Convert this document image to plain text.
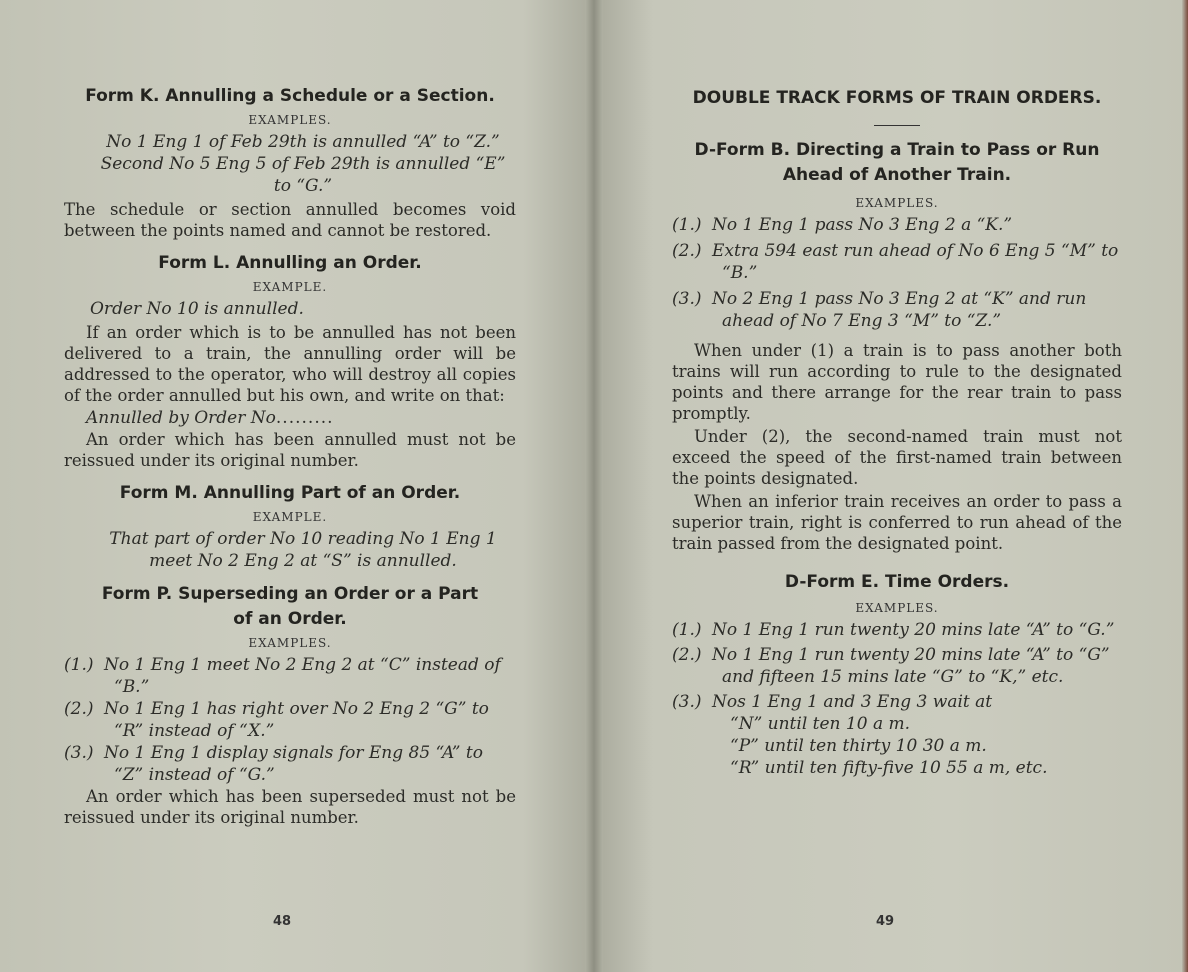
Form K. Annulling a Schedule or a Section.

EXAMPLES.

No 1 Eng 1 of Feb 29th is annulled “A” to “Z.”

Second No 5 Eng 5 of Feb 29th is annulled “E” to “G.”

The schedule or section annulled becomes void between the points named and cannot be restored.

Form L. Annulling an Order.

EXAMPLE.

Order No 10 is annulled.

If an order which is to be annulled has not been delivered to a train, the annulling order will be addressed to the operator, who will destroy all copies of the order annulled but his own, and write on that:

Annulled by Order No.........

An order which has been annulled must not be reissued under its original number.

Form M. Annulling Part of an Order.

EXAMPLE.

That part of order No 10 reading No 1 Eng 1 meet No 2 Eng 2 at “S” is annulled.

Form P. Superseding an Order or a Part of an Order.

EXAMPLES.

(1.) No 1 Eng 1 meet No 2 Eng 2 at “C” instead of “B.”

(2.) No 1 Eng 1 has right over No 2 Eng 2 “G” to “R” instead of “X.”

(3.) No 1 Eng 1 display signals for Eng 85 “A” to “Z” instead of “G.”

An order which has been superseded must not be reissued under its original number.

48

DOUBLE TRACK FORMS OF TRAIN ORDERS.

D-Form B. Directing a Train to Pass or Run Ahead of Another Train.

EXAMPLES.

(1.) No 1 Eng 1 pass No 3 Eng 2 a “K.”

(2.) Extra 594 east run ahead of No 6 Eng 5 “M” to “B.”

(3.) No 2 Eng 1 pass No 3 Eng 2 at “K” and run ahead of No 7 Eng 3 “M” to “Z.”

When under (1) a train is to pass another both trains will run according to rule to the designated points and there arrange for the rear train to pass promptly.

Under (2), the second-named train must not exceed the speed of the first-named train between the points designated.

When an inferior train receives an order to pass a superior train, right is conferred to run ahead of the train passed from the designated point.

D-Form E. Time Orders.

EXAMPLES.

(1.) No 1 Eng 1 run twenty 20 mins late “A” to “G.”

(2.) No 1 Eng 1 run twenty 20 mins late “A” to “G” and fifteen 15 mins late “G” to “K,” etc.

(3.) Nos 1 Eng 1 and 3 Eng 3 wait at

“N” until ten 10 a m.

“P” until ten thirty 10 30 a m.

“R” until ten fifty-five 10 55 a m, etc.

49
